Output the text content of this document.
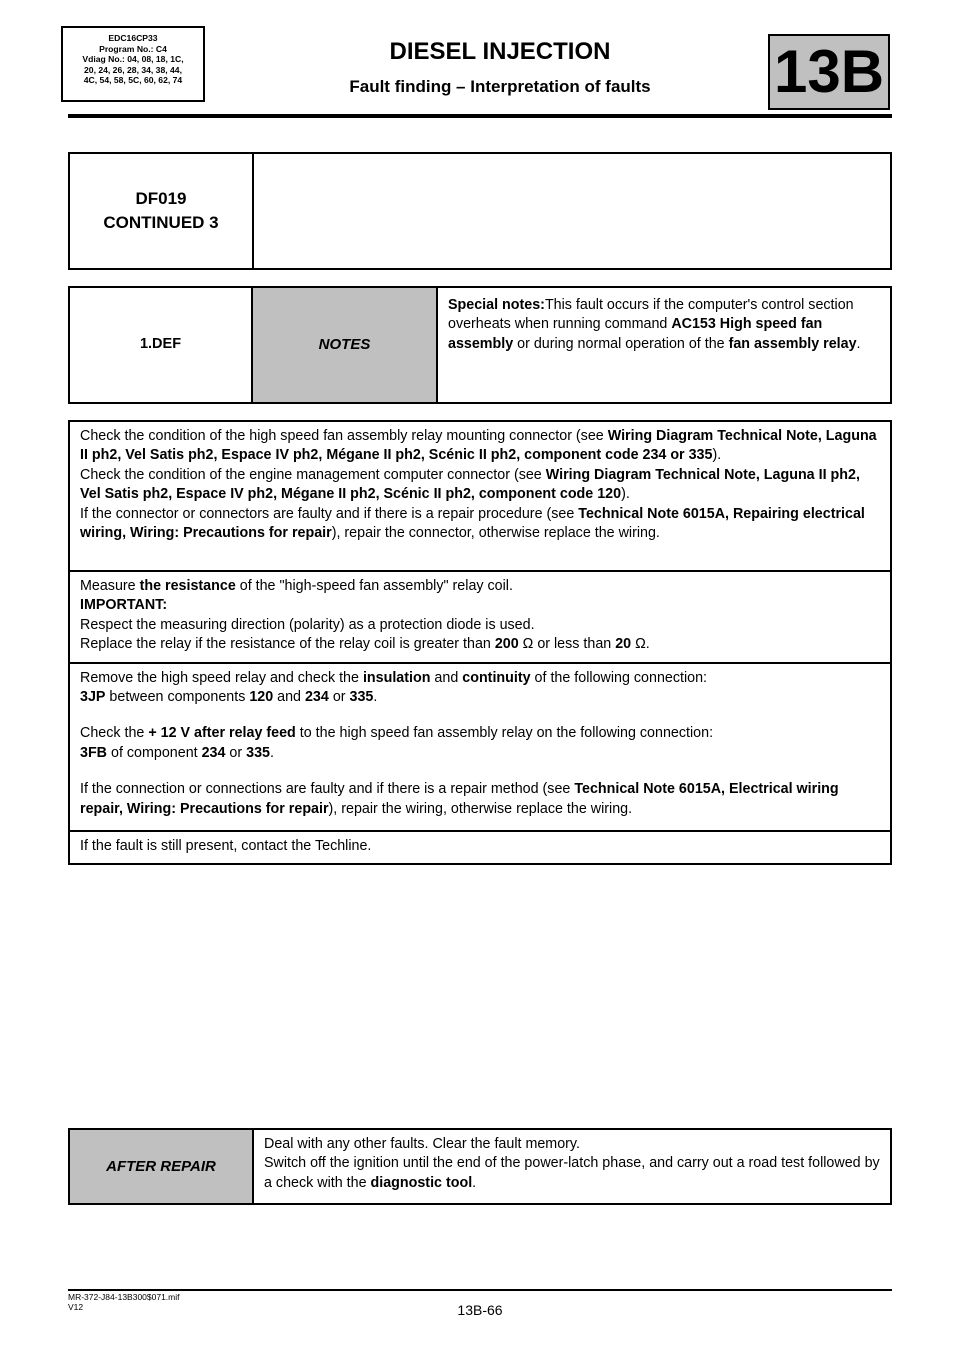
EDC16CP33
Program No.: C4
Vdiag No.: 04, 08, 18, 1C,
20, 24, 26, 28, 34, 38, 44,
4C, 54, 58, 5C, 60, 62, 74
DIESEL INJECTION
Fault finding – Interpretation of faults	13B
DF019
CONTINUED 3

1.DEF	NOTES	Special notes:This fault occurs if the computer's control section overheats when running command AC153 High speed fan assembly or during normal operation of the fan assembly relay.

Check the condition of the high speed fan assembly relay mounting connector (see Wiring Diagram Technical Note, Laguna II ph2, Vel Satis ph2, Espace IV ph2, Mégane II ph2, Scénic II ph2, component code 234 or 335).

Check the condition of the engine management computer connector (see Wiring Diagram Technical Note, Laguna II ph2, Vel Satis ph2, Espace IV ph2, Mégane II ph2, Scénic II ph2, component code 120).

If the connector or connectors are faulty and if there is a repair procedure (see Technical Note 6015A, Repairing electrical wiring, Wiring: Precautions for repair), repair the connector, otherwise replace the wiring.

Measure the resistance of the "high-speed fan assembly" relay coil.

IMPORTANT:

Respect the measuring direction (polarity) as a protection diode is used.

Replace the relay if the resistance of the relay coil is greater than 200 Ω or less than 20 Ω.

Remove the high speed relay and check the insulation and continuity of the following connection:

3JP between components 120 and 234 or 335.

Check the + 12 V after relay feed to the high speed fan assembly relay on the following connection:

3FB of component 234 or 335.

If the connection or connections are faulty and if there is a repair method (see Technical Note 6015A, Electrical wiring repair, Wiring: Precautions for repair), repair the wiring, otherwise replace the wiring.

If the fault is still present, contact the Techline.
AFTER REPAIR	

Deal with any other faults. Clear the fault memory.

Switch off the ignition until the end of the power-latch phase, and carry out a road test followed by a check with the diagnostic tool.

MR-372-J84-13B300$071.mif
V12	13B-66
